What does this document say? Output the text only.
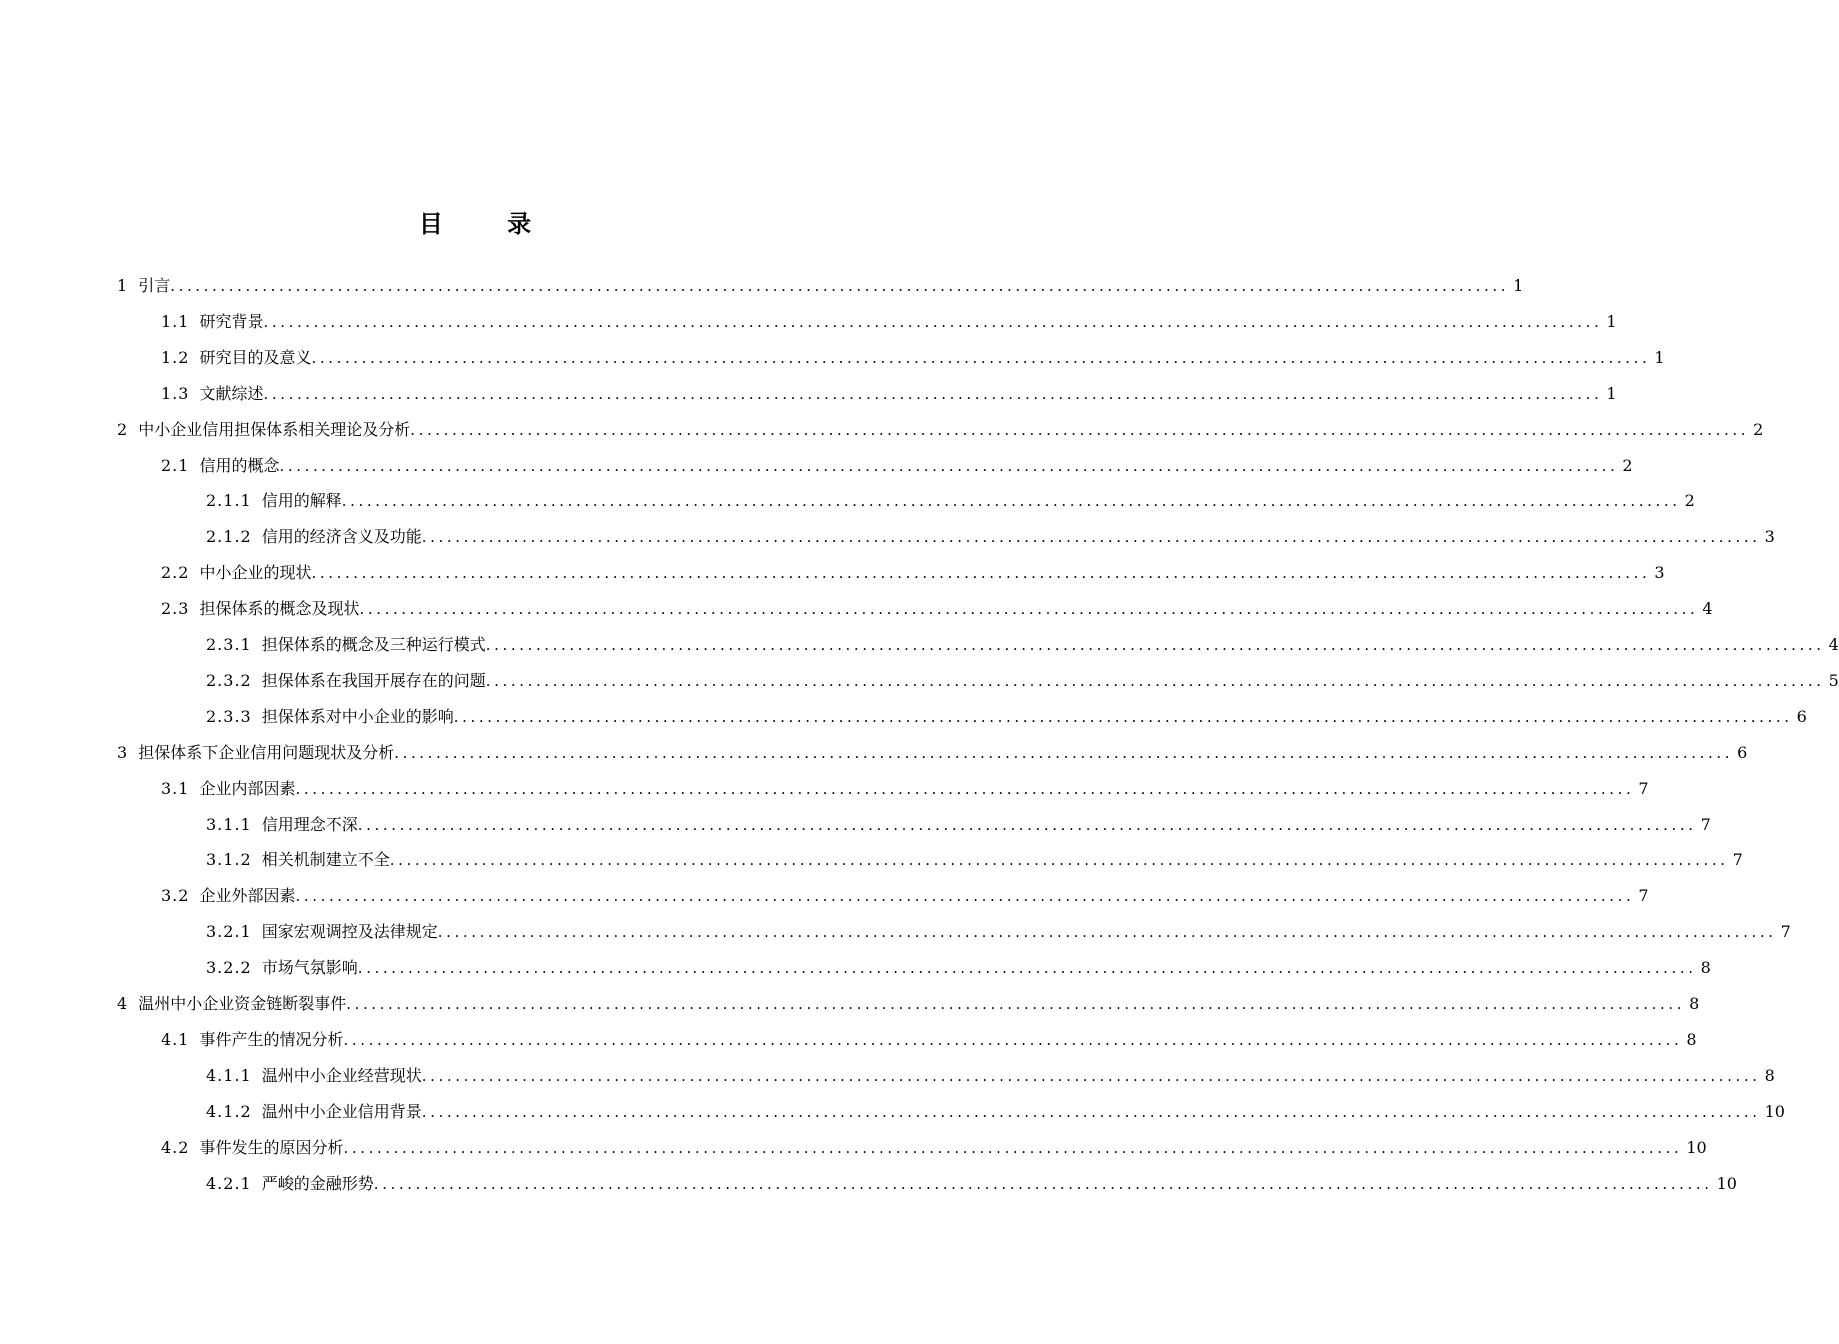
目 录
1 引言 ................................................................................................................................................................ 1
1.1 研究背景 ................................................................................................................................................................ 1
1.2 研究目的及意义 ................................................................................................................................................................ 1
1.3 文献综述 ................................................................................................................................................................ 1
2 中小企业信用担保体系相关理论及分析 ................................................................................................................................................................ 2
2.1 信用的概念 ................................................................................................................................................................ 2
2.1.1 信用的解释 ................................................................................................................................................................ 2
2.1.2 信用的经济含义及功能 ................................................................................................................................................................ 3
2.2 中小企业的现状 ................................................................................................................................................................ 3
2.3 担保体系的概念及现状 ................................................................................................................................................................ 4
2.3.1 担保体系的概念及三种运行模式 ................................................................................................................................................................ 4
2.3.2 担保体系在我国开展存在的问题 ................................................................................................................................................................ 5
2.3.3 担保体系对中小企业的影响 ................................................................................................................................................................ 6
3 担保体系下企业信用问题现状及分析 ................................................................................................................................................................ 6
3.1 企业内部因素 ................................................................................................................................................................ 7
3.1.1 信用理念不深 ................................................................................................................................................................ 7
3.1.2 相关机制建立不全 ................................................................................................................................................................ 7
3.2 企业外部因素 ................................................................................................................................................................ 7
3.2.1 国家宏观调控及法律规定 ................................................................................................................................................................ 7
3.2.2 市场气氛影响 ................................................................................................................................................................ 8
4 温州中小企业资金链断裂事件 ................................................................................................................................................................ 8
4.1 事件产生的情况分析 ................................................................................................................................................................ 8
4.1.1 温州中小企业经营现状 ................................................................................................................................................................ 8
4.1.2 温州中小企业信用背景 ................................................................................................................................................................ 10
4.2 事件发生的原因分析 ................................................................................................................................................................ 10
4.2.1 严峻的金融形势 ................................................................................................................................................................ 10
